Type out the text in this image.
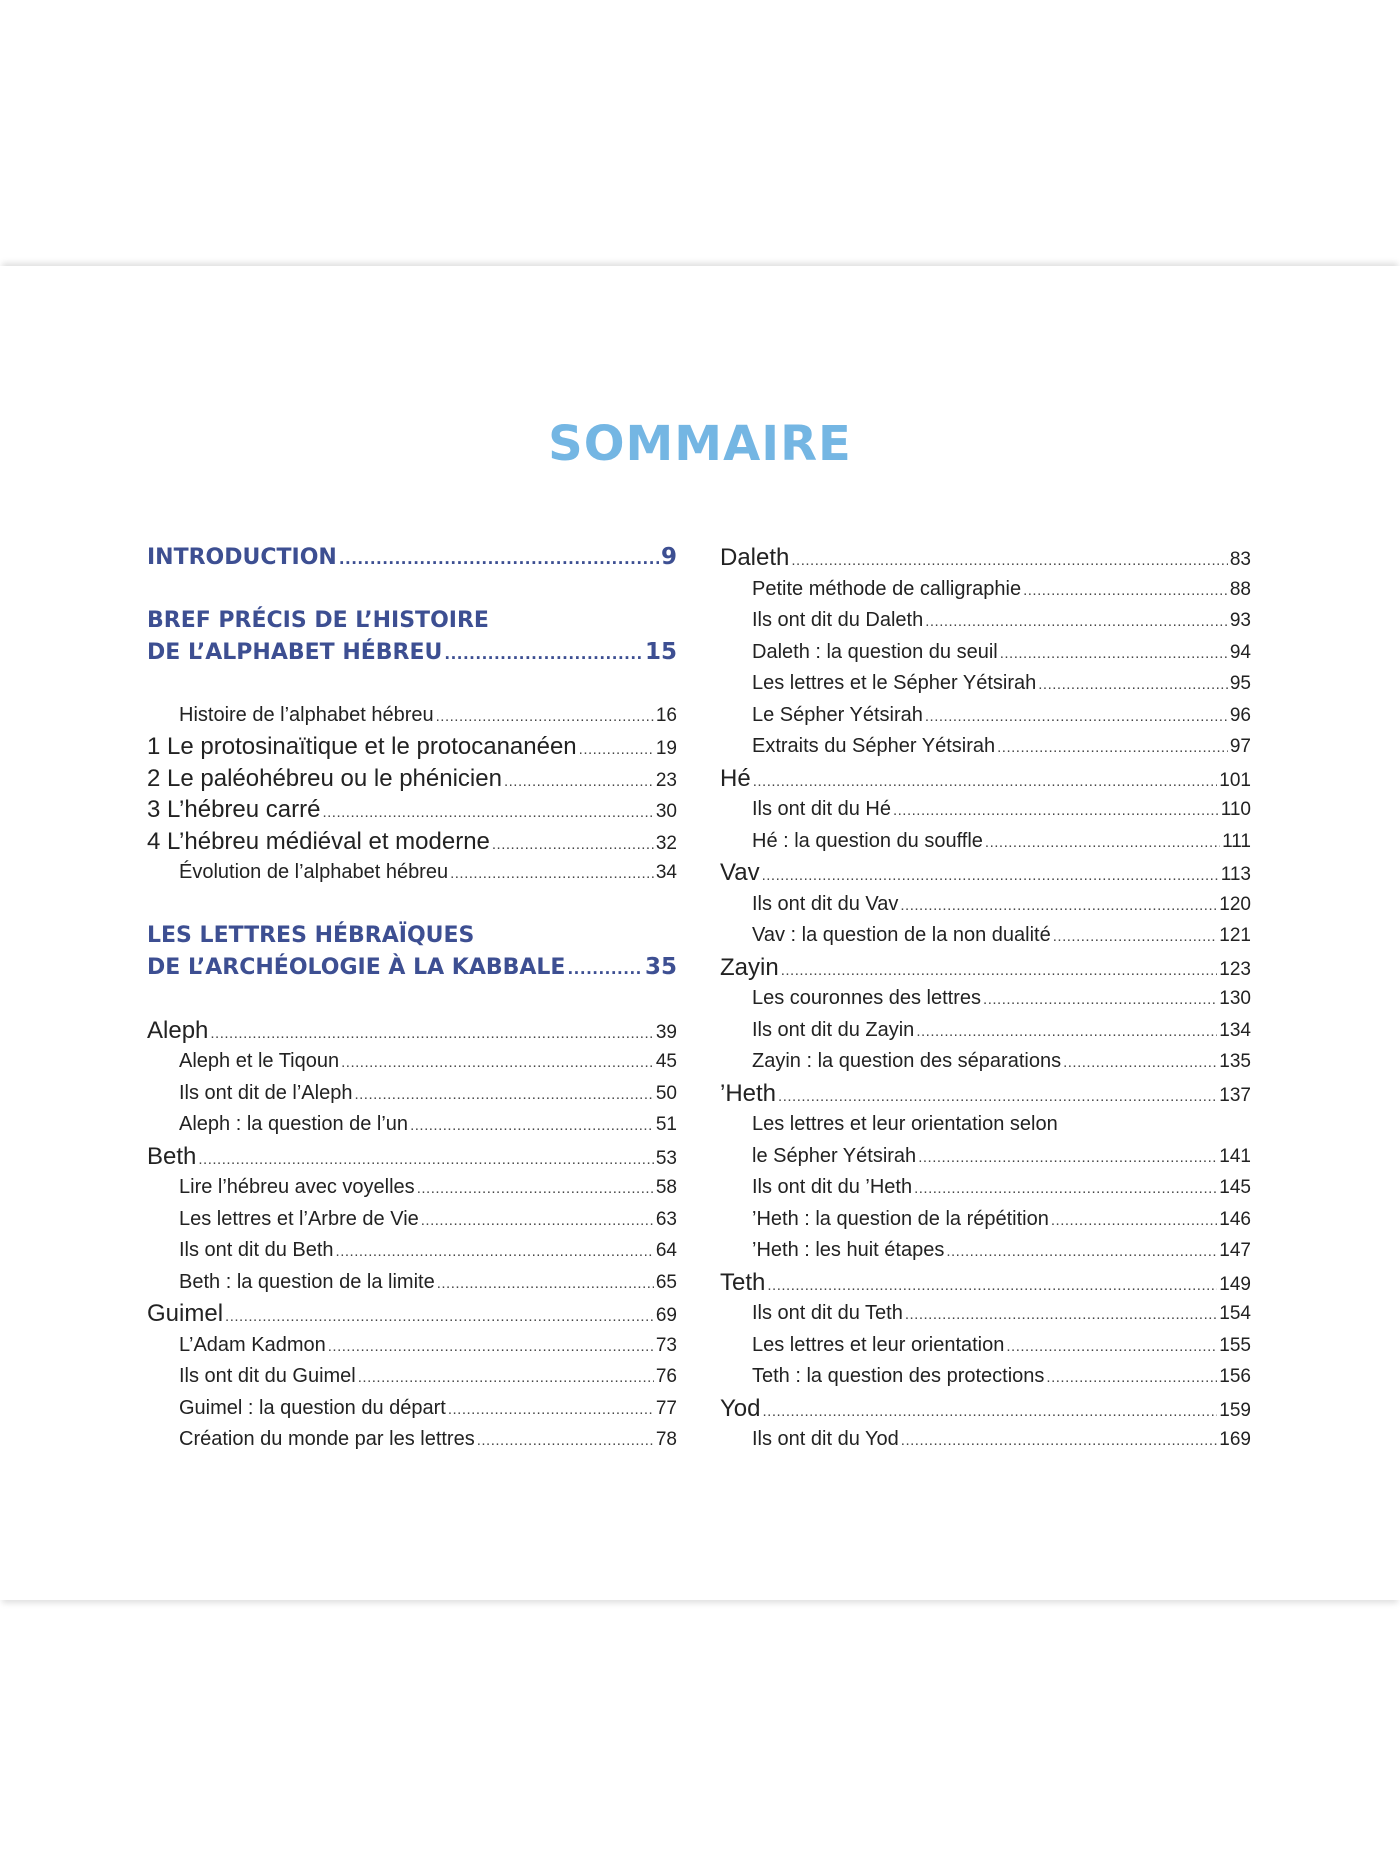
SOMMAIRE
INTRODUCTION .....	9
BREF PRÉCIS DE L’HISTOIRE
DE L’ALPHABET HÉBREU .....	15
Histoire de l’alphabet hébreu .....	16
1 Le protosinaïtique et le protocananéen .....	19
2 Le paléohébreu ou le phénicien .....	23
3 L’hébreu carré .....	30
4 L’hébreu médiéval et moderne .....	32
Évolution de l’alphabet hébreu .....	34
LES LETTRES HÉBRAÏQUES
DE L’ARCHÉOLOGIE À LA KABBALE .....	35
Aleph .....	39
Aleph et le Tiqoun .....	45
Ils ont dit de l’Aleph .....	50
Aleph : la question de l’un .....	51
Beth .....	53
Lire l’hébreu avec voyelles .....	58
Les lettres et l’Arbre de Vie .....	63
Ils ont dit du Beth .....	64
Beth : la question de la limite .....	65
Guimel .....	69
L’Adam Kadmon .....	73
Ils ont dit du Guimel .....	76
Guimel : la question du départ .....	77
Création du monde par les lettres .....	78
Daleth .....	83
Petite méthode de calligraphie .....	88
Ils ont dit du Daleth .....	93
Daleth : la question du seuil .....	94
Les lettres et le Sépher Yétsirah .....	95
Le Sépher Yétsirah .....	96
Extraits du Sépher Yétsirah .....	97
Hé .....	101
Ils ont dit du Hé .....	110
Hé : la question du souffle .....	111
Vav .....	113
Ils ont dit du Vav .....	120
Vav : la question de la non dualité .....	121
Zayin .....	123
Les couronnes des lettres .....	130
Ils ont dit du Zayin .....	134
Zayin : la question des séparations .....	135
’Heth .....	137
Les lettres et leur orientation selon
le Sépher Yétsirah .....	141
Ils ont dit du ’Heth .....	145
’Heth : la question de la répétition .....	146
’Heth : les huit étapes .....	147
Teth .....	149
Ils ont dit du Teth .....	154
Les lettres et leur orientation .....	155
Teth : la question des protections .....	156
Yod .....	159
Ils ont dit du Yod .....	169
